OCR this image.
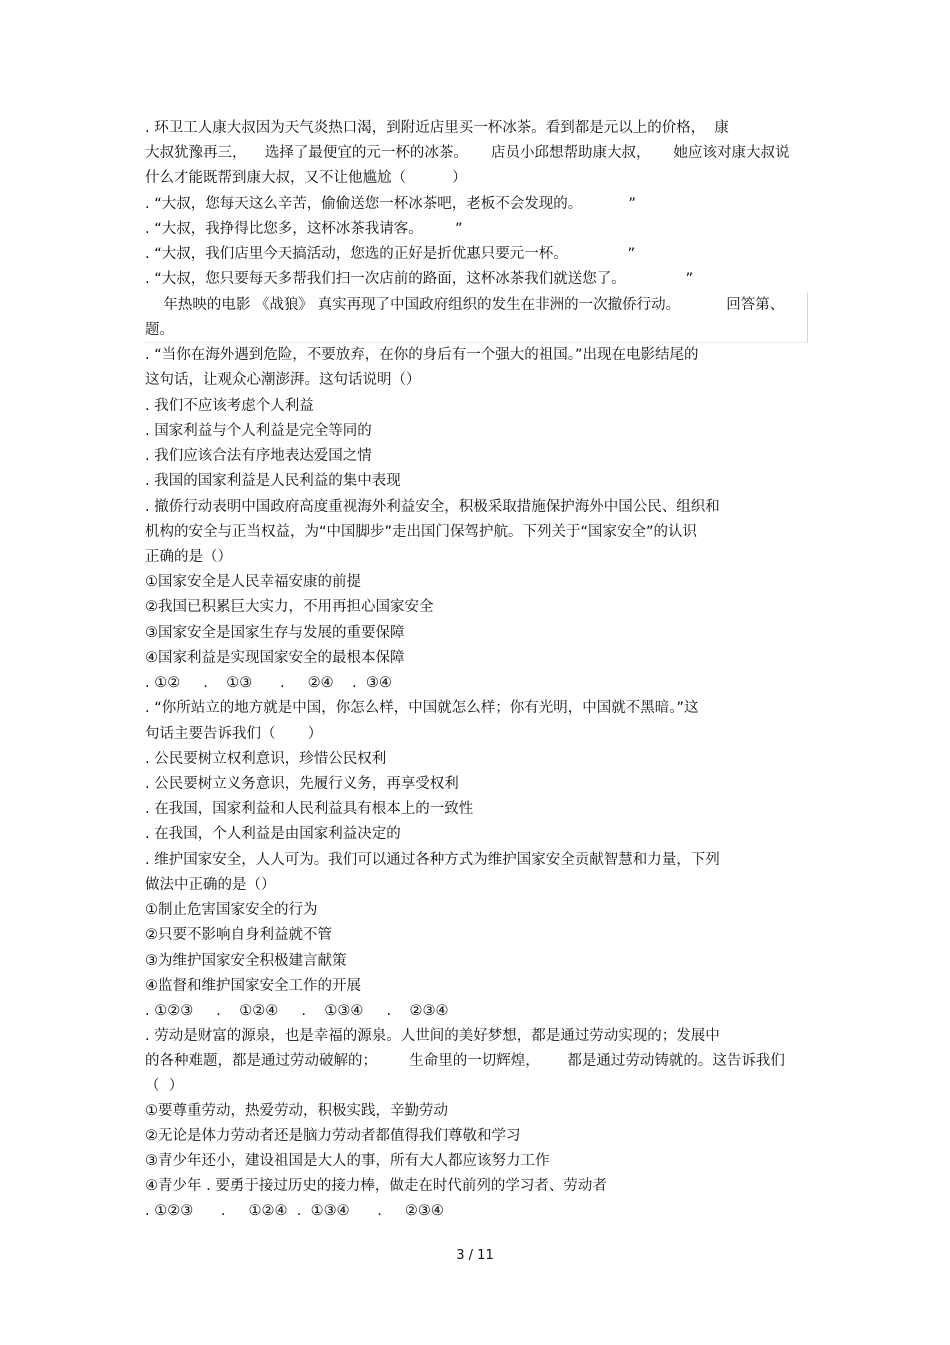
. 环卫工人康大叔因为天气炎热口渴，到附近店里买一杯冰茶。看到都是元以上的价格，  康

大叔犹豫再三，    选择了最便宜的元一杯的冰茶。     店员小邱想帮助康大叔，     她应该对康大叔说

什么才能既帮到康大叔，又不让他尴尬（          ）

. “大叔，您每天这么辛苦，偷偷送您一杯冰茶吧，老板不会发现的。          ”

. “大叔，我挣得比您多，这杯冰茶我请客。       ”

. “大叔，我们店里今天搞活动，您选的正好是折优惠只要元一杯。             ”

. “大叔，您只要每天多帮我们扫一次店前的路面，这杯冰茶我们就送您了。             ”

年热映的电影 《战狼》 真实再现了中国政府组织的发生在非洲的一次撤侨行动。          回答第、

题。

. “当你在海外遇到危险，不要放弃，在你的身后有一个强大的祖国。”出现在电影结尾的

这句话，让观众心潮澎湃。这句话说明（）

. 我们不应该考虑个人利益

. 国家利益与个人利益是完全等同的

. 我们应该合法有序地表达爱国之情

. 我国的国家利益是人民利益的集中表现

. 撤侨行动表明中国政府高度重视海外利益安全，积极采取措施保护海外中国公民、组织和

机构的安全与正当权益，为“中国脚步”走出国门保驾护航。下列关于“国家安全”的认识

正确的是（）

①国家安全是人民幸福安康的前提

②我国已积累巨大实力，不用再担心国家安全

③国家安全是国家生存与发展的重要保障

④国家利益是实现国家安全的最根本保障

. ①②     .    ①③      .     ②④    .  ③④

. “你所站立的地方就是中国，你怎么样，中国就怎么样；你有光明，中国就不黑暗。”这

句话主要告诉我们（       ）

. 公民要树立权利意识，珍惜公民权利

. 公民要树立义务意识，先履行义务，再享受权利

. 在我国，国家利益和人民利益具有根本上的一致性

. 在我国，个人利益是由国家利益决定的

. 维护国家安全，人人可为。我们可以通过各种方式为维护国家安全贡献智慧和力量，下列

做法中正确的是（）

①制止危害国家安全的行为

②只要不影响自身利益就不管

③为维护国家安全积极建言献策

④监督和维护国家安全工作的开展

. ①②③     .    ①②④     .    ①③④     .    ②③④

. 劳动是财富的源泉，也是幸福的源泉。人世间的美好梦想，都是通过劳动实现的；发展中

的各种难题，都是通过劳动破解的；       生命里的一切辉煌，      都是通过劳动铸就的。这告诉我们

（  ）

①要尊重劳动，热爱劳动，积极实践，辛勤劳动

②无论是体力劳动者还是脑力劳动者都值得我们尊敬和学习

③青少年还小，建设祖国是大人的事，所有大人都应该努力工作

④青少年 . 要勇于接过历史的接力棒，做走在时代前列的学习者、劳动者

. ①②③      .     ①②④  .  ①③④      .     ②③④

3 / 11
